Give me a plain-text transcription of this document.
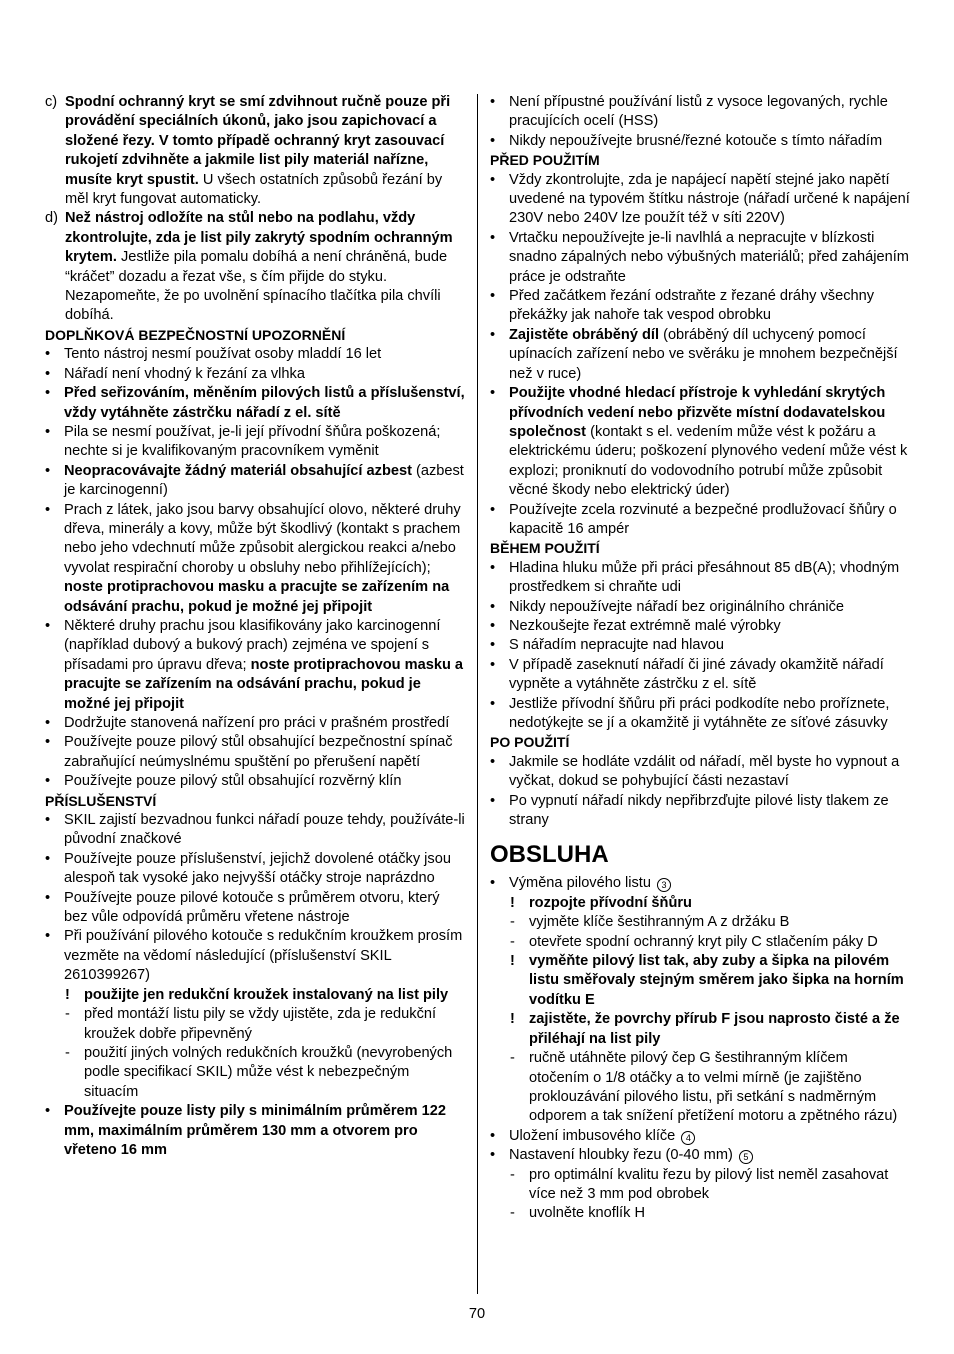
c) Spodní ochranný kryt se smí zdvihnout ručně pouze při provádění speciálních úkonů, jako jsou zapichovací a složené řezy. V tomto případě ochranný kryt zasouvací rukojetí zdvihněte a jakmile list pily materiál nařízne, musíte kryt spustit. U všech ostatních způsobů řezání by měl kryt fungovat automaticky.
d) Než nástroj odložíte na stůl nebo na podlahu, vždy zkontrolujte, zda je list pily zakrytý spodním ochranným krytem. Jestliže pila pomalu dobíhá a není chráněná, bude “kráčet” dozadu a řezat vše, s čím přijde do styku. Nezapomeňte, že po uvolnění spínacího tlačítka pila chvíli dobíhá.
DOPLŇKOVÁ BEZPEČNOSTNÍ UPOZORNĚNÍ
• Tento nástroj nesmí používat osoby mladdí 16 let
• Nářadí není vhodný k řezání za vlhka
• Před seřizováním, měněním pilových listů a příslušenství, vždy vytáhněte zástrčku nářadí z el. sítě
• Pila se nesmí používat, je-li její přívodní šňůra poškozená; nechte si je kvalifikovaným pracovníkem vyměnit
• Neopracovávajte žádný materiál obsahující azbest (azbest je karcinogenní)
• Prach z látek, jako jsou barvy obsahující olovo, některé druhy dřeva, minerály a kovy, může být škodlivý (kontakt s prachem nebo jeho vdechnutí může způsobit alergickou reakci a/nebo vyvolat respirační choroby u obsluhy nebo přihlížejících); noste protiprachovou masku a pracujte se zařízením na odsávání prachu, pokud je možné jej připojit
• Některé druhy prachu jsou klasifikovány jako karcinogenní (například dubový a bukový prach) zejména ve spojení s přísadami pro úpravu dřeva; noste protiprachovou masku a pracujte se zařízením na odsávání prachu, pokud je možné jej připojit
• Dodržujte stanovená nařízení pro práci v prašném prostředí
• Používejte pouze pilový stůl obsahující bezpečnostní spínač zabraňující neúmyslnému spuštění po přerušení napětí
• Používejte pouze pilový stůl obsahující rozvěrný klín
PŘÍSLUŠENSTVÍ
• SKIL zajistí bezvadnou funkci nářadí pouze tehdy, používáte-li původní značkové
• Používejte pouze příslušenství, jejichž dovolené otáčky jsou alespoň tak vysoké jako nejvyšší otáčky stroje naprázdno
• Používejte pouze pilové kotouče s průměrem otvoru, který bez vůle odpovídá průměru vřetene nástroje
• Při používání pilového kotouče s redukčním kroužkem prosím vezměte na vědomí následující (příslušenství SKIL 2610399267)
! použijte jen redukční kroužek instalovaný na list pily
- před montáží listu pily se vždy ujistěte, zda je redukční kroužek dobře připevněný
- použití jiných volných redukčních kroužků (nevyrobených podle specifikací SKIL) může vést k nebezpečným situacím
• Používejte pouze listy pily s minimálním průměrem 122 mm, maximálním průměrem 130 mm a otvorem pro vřeteno 16 mm
• Není přípustné používání listů z vysoce legovaných, rychle pracujících ocelí (HSS)
• Nikdy nepoužívejte brusné/řezné kotouče s tímto nářadím
PŘED POUŽITÍM
• Vždy zkontrolujte, zda je napájecí napětí stejné jako napětí uvedené na typovém štítku nástroje (nářadí určené k napájení 230V nebo 240V lze použít též v síti 220V)
• Vrtačku nepoužívejte je-li navlhlá a nepracujte v blízkosti snadno zápalných nebo výbušných materiálů; před zahájením práce je odstraňte
• Před začátkem řezání odstraňte z řezané dráhy všechny překážky jak nahoře tak vespod obrobku
• Zajistěte obráběný díl (obráběný díl uchycený pomocí upínacích zařízení nebo ve svěráku je mnohem bezpečnější než v ruce)
• Použijte vhodné hledací přístroje k vyhledání skrytých přívodních vedení nebo přizvěte místní dodavatelskou společnost (kontakt s el. vedením může vést k požáru a elektrickému úderu; poškození plynového vedení může vést k explozi; proniknutí do vodovodního potrubí může způsobit věcné škody nebo elektrický úder)
• Používejte zcela rozvinuté a bezpečné prodlužovací šňůry o kapacitě 16 ampér
BĚHEM POUŽITÍ
• Hladina hluku může při práci přesáhnout 85 dB(A); vhodným prostředkem si chraňte udi
• Nikdy nepoužívejte nářadí bez originálního chrániče
• Nezkoušejte řezat extrémně malé výrobky
• S nářadím nepracujte nad hlavou
• V případě zaseknutí nářadí či jiné závady okamžitě nářadí vypněte a vytáhněte zástrčku z el. sítě
• Jestliže přívodní šňůru při práci podkodíte nebo proříznete, nedotýkejte se jí a okamžitě ji vytáhněte ze síťové zásuvky
PO POUŽITÍ
• Jakmile se hodláte vzdálit od nářadí, měl byste ho vypnout a vyčkat, dokud se pohybující části nezastaví
• Po vypnutí nářadí nikdy nepřibrzďujte pilové listy tlakem ze strany
OBSLUHA
• Výměna pilového listu 3
! rozpojte přívodní šňůru
- vyjměte klíče šestihranným A z držáku B
- otevřete spodní ochranný kryt pily C stlačením páky D
! vyměňte pilový list tak, aby zuby a šipka na pilovém listu směřovaly stejným směrem jako šipka na horním vodítku E
! zajistěte, že povrchy přírub F jsou naprosto čisté a že přiléhají na list pily
- ručně utáhněte pilový čep G šestihranným klíčem otočením o 1/8 otáčky a to velmi mírně (je zajištěno proklouzávání pilového listu, při setkání s nadměrným odporem a tak snížení přetížení motoru a zpětného rázu)
• Uložení imbusového klíče 4
• Nastavení hloubky řezu (0-40 mm) 5
- pro optimální kvalitu řezu by pilový list neměl zasahovat více než 3 mm pod obrobek
- uvolněte knoflík H
70
